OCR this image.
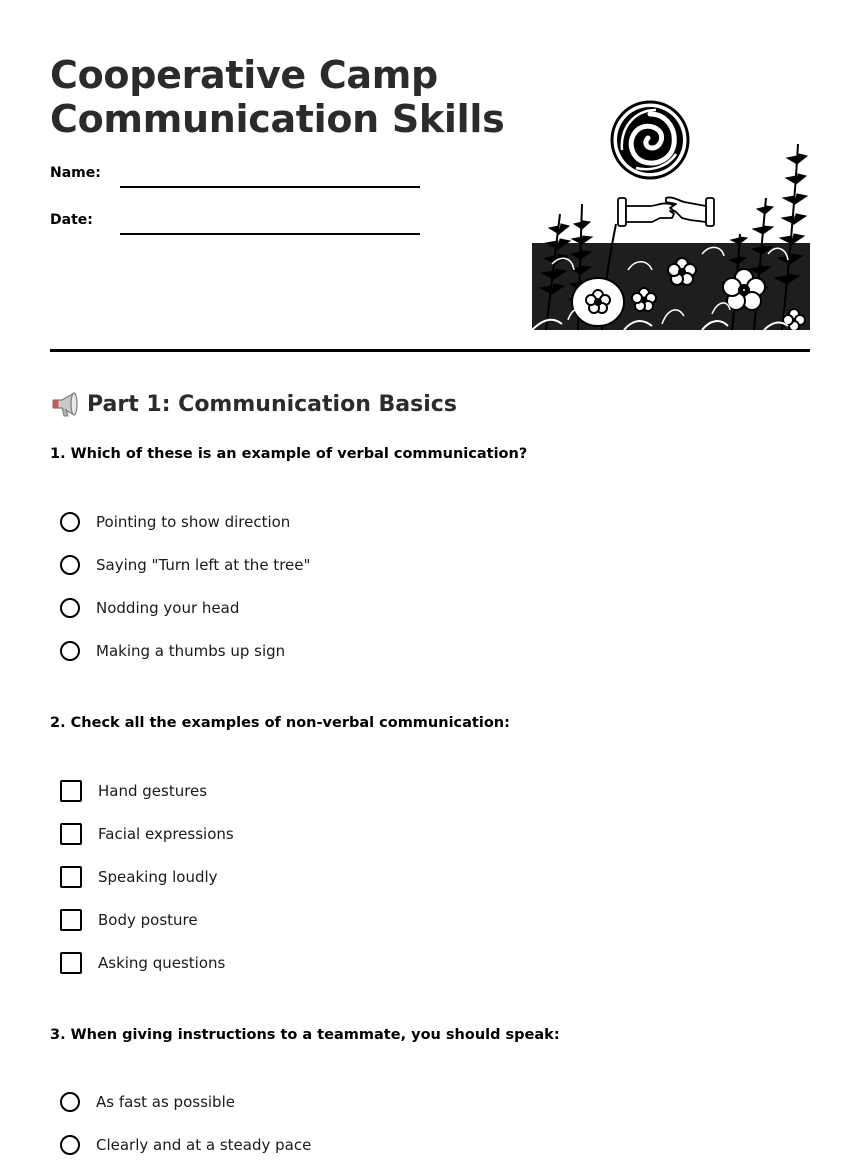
Cooperative Camp
Communication Skills
Name:
Date:
Part 1: Communication Basics
1. Which of these is an example of verbal communication?
Pointing to show direction
Saying "Turn left at the tree"
Nodding your head
Making a thumbs up sign
2. Check all the examples of non-verbal communication:
Hand gestures
Facial expressions
Speaking loudly
Body posture
Asking questions
3. When giving instructions to a teammate, you should speak:
As fast as possible
Clearly and at a steady pace
